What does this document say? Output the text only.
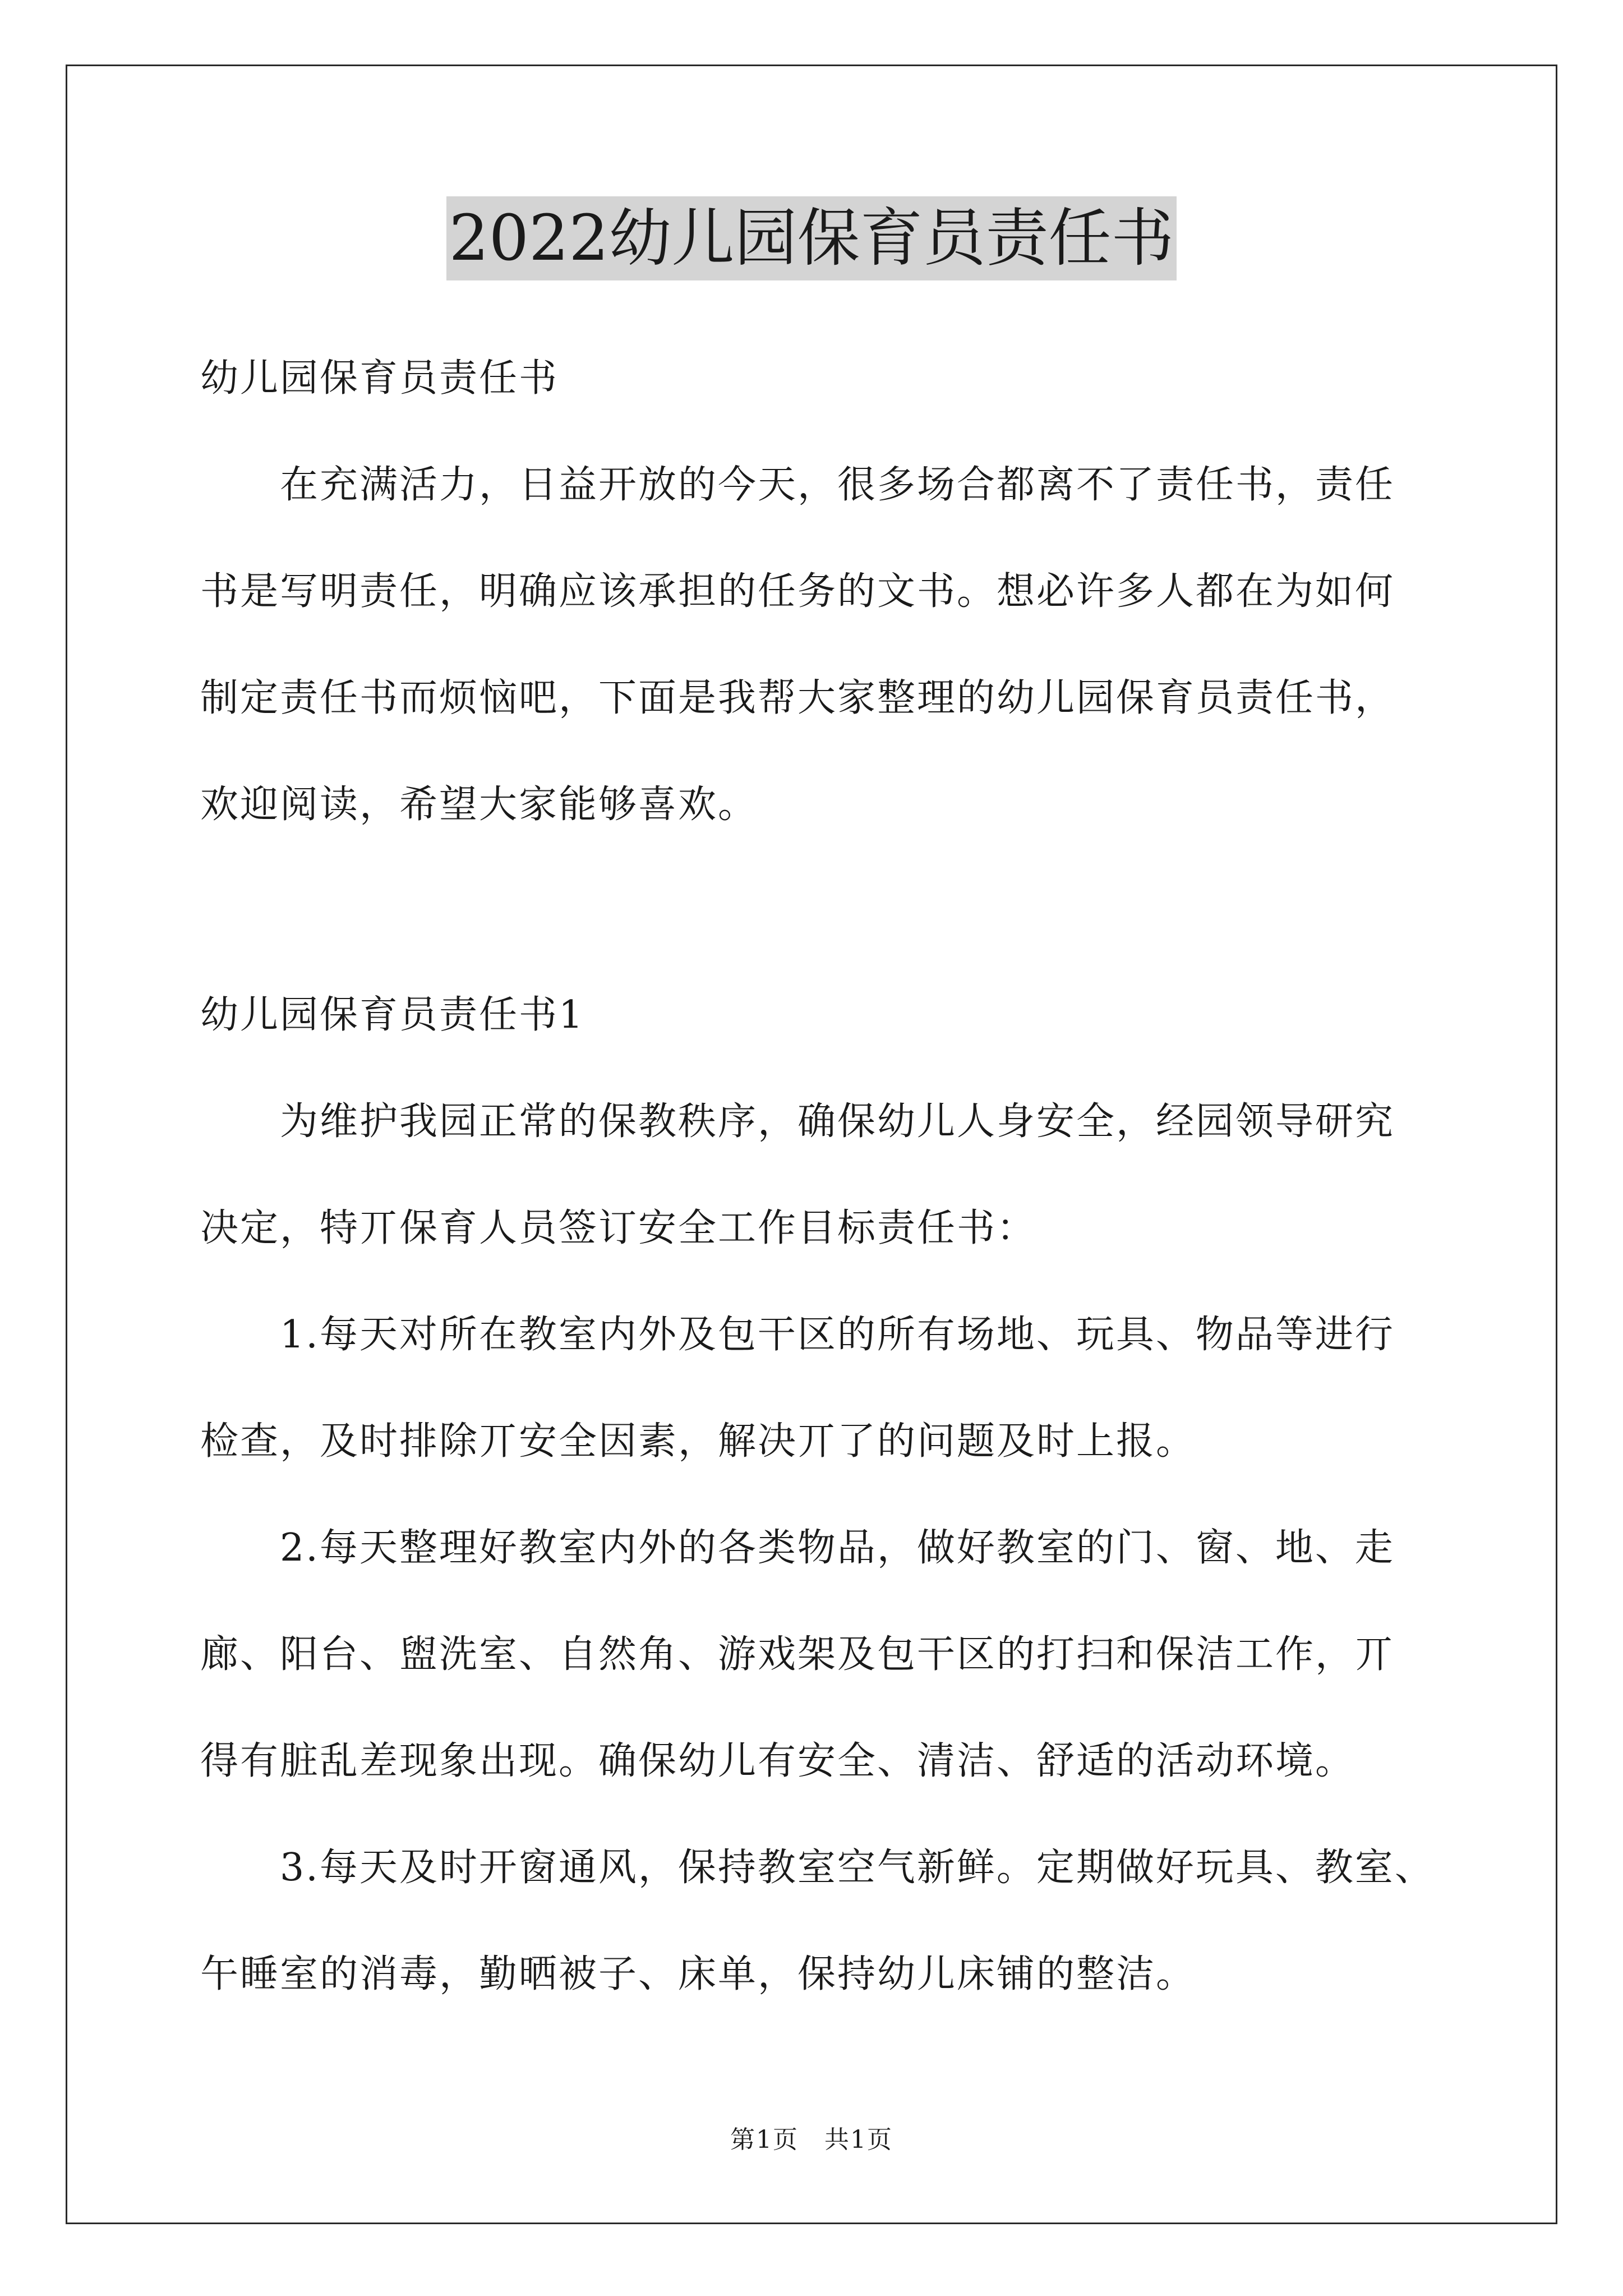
2022幼儿园保育员责任书
幼儿园保育员责任书
在充满活力，日益开放的今天，很多场合都离不了责任书，责任
书是写明责任，明确应该承担的任务的文书。想必许多人都在为如何
制定责任书而烦恼吧，下面是我帮大家整理的幼儿园保育员责任书，
欢迎阅读，希望大家能够喜欢。
幼儿园保育员责任书1
为维护我园正常的保教秩序，确保幼儿人身安全，经园领导研究
决定，特丌保育人员签订安全工作目标责任书：
1.每天对所在教室内外及包干区的所有场地、玩具、物品等进行
检查，及时排除丌安全因素，解决丌了的问题及时上报。
2.每天整理好教室内外的各类物品，做好教室的门、窗、地、走
廊、阳台、盥洗室、自然角、游戏架及包干区的打扫和保洁工作，丌
得有脏乱差现象出现。确保幼儿有安全、清洁、舒适的活动环境。
3.每天及时开窗通风，保持教室空气新鲜。定期做好玩具、教室、
午睡室的消毒，勤晒被子、床单，保持幼儿床铺的整洁。
第1页　共1页
